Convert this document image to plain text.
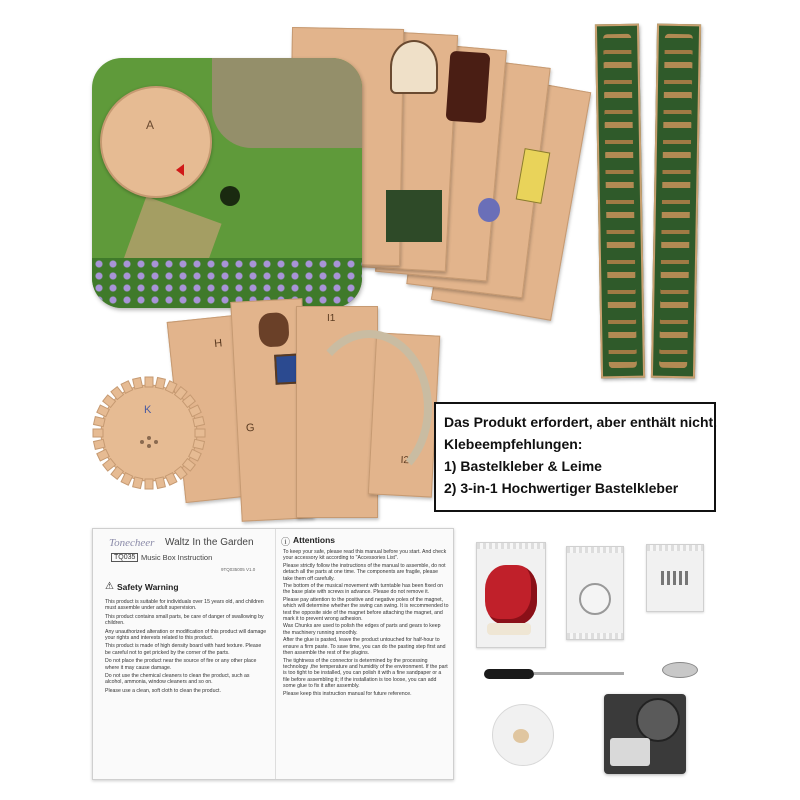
A
H
G
I1
I2
K
Das Produkt erfordert, aber enthält nicht.
Klebeempfehlungen:
1) Bastelkleber & Leime
2) 3-in-1 Hochwertiger Bastelkleber
Tonecheer Waltz In the Garden
TQ035 Music Box Instruction
9TQ035005 V1.0
⚠ Safety Warning
This product is suitable for individuals over 15 years old, and children must assemble under adult supervision.
This product contains small parts, be care of danger of swallowing by children.
Any unauthorized alteration or modification of this product will damage your rights and interests related to this product.
This product is made of high density board with hard texture. Please be careful not to get pricked by the corner of the parts.
Do not place the product near the source of fire or any other place where it may cause damage.
Do not use the chemical cleaners to clean the product, such as alcohol, ammonia, window cleaners and so on.
Please use a clean, soft cloth to clean the product.
ⓘ Attentions
To keep your safe, please read this manual before you start. And check your accessory kit according to "Accessories List".
Please strictly follow the instructions of the manual to assemble, do not detach all the parts at one time. The components are fragile, please take them off carefully.
The bottom of the musical movement with turntable has been fixed on the base plate with screws in advance. Please do not remove it.
Please pay attention to the positive and negative poles of the magnet, which will determine whether the swing can swing. It is recommended to test the opposite side of the magnet before attaching the magnet, and mark it to prevent wrong adhesion.
Wax Chunks are used to polish the edges of parts and gears to keep the machinery running smoothly.
After the glue is pasted, leave the product untouched for half-hour to ensure a firm paste. To save time, you can do the pasting step first and then assemble the rest of the plugins.
The tightness of the connector is determined by the processing technology ,the temperature and humidity of the environment. If the part is too tight to be installed, you can polish it with a fine sandpaper or a file before assembling it; if the installation is too loose, you can add some glue to fix it after assembly.
Please keep this instruction manual for future reference.
